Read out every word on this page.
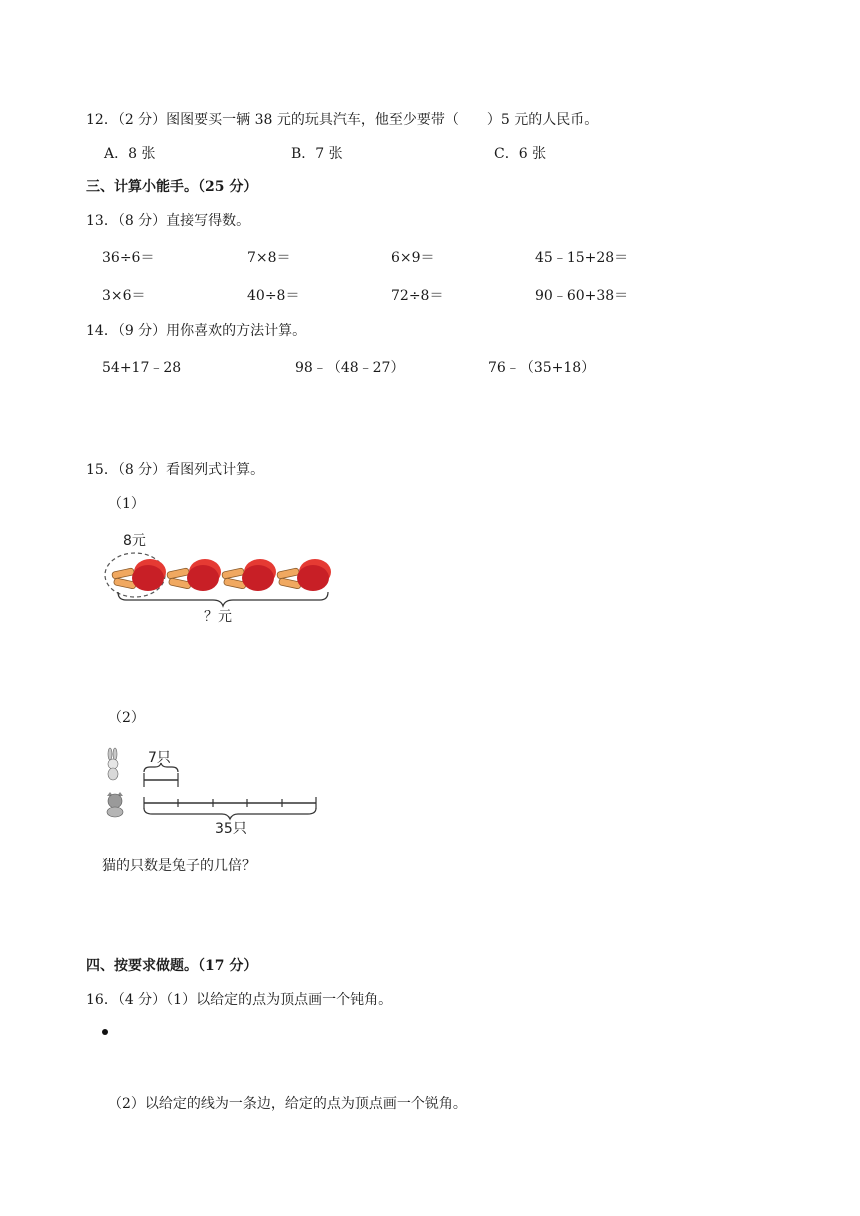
12．（2 分）图图要买一辆 38 元的玩具汽车，他至少要带（　　）5 元的人民币。
A．8 张	B．7 张	C．6 张
三、计算小能手。（25 分）
13．（8 分）直接写得数。
36÷6＝	7×8＝	6×9＝	45﹣15+28＝
3×6＝	40÷8＝	72÷8＝	90﹣60+38＝
14．（9 分）用你喜欢的方法计算。
54+17﹣28	98﹣（48﹣27）	76﹣（35+18）
15．（8 分）看图列式计算。
（1）
8元
？元
（2）
7只
35只
猫的只数是兔子的几倍？
四、按要求做题。（17 分）
16．（4 分）（1）以给定的点为顶点画一个钝角。
（2）以给定的线为一条边，给定的点为顶点画一个锐角。
